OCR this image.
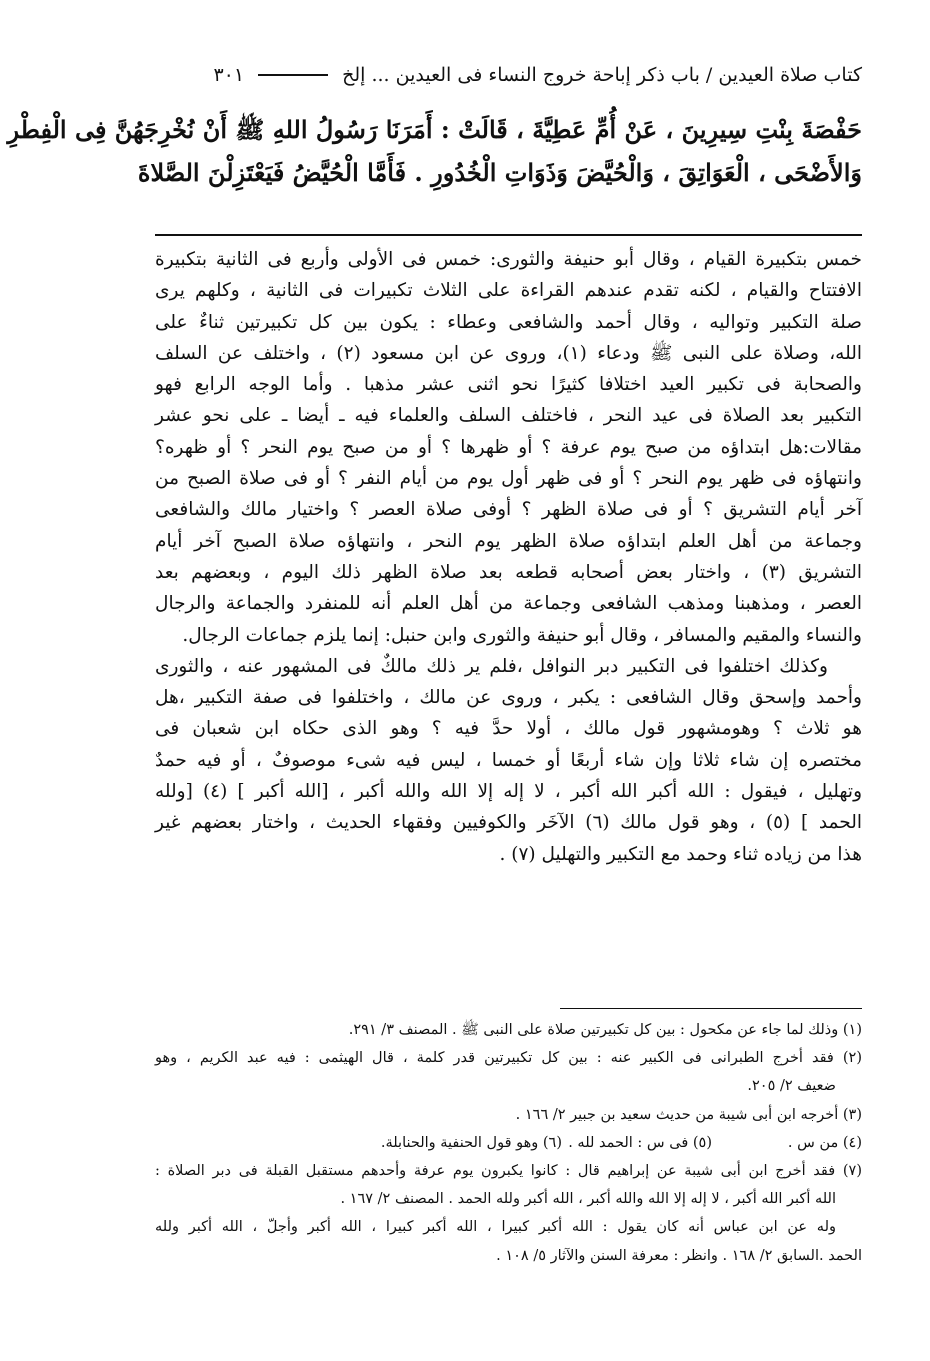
كتاب صلاة العيدين / باب ذكر إباحة خروج النساء فى العيدين ... إلخ
٣٠١
حَفْصَةَ بِنْتِ سِيرِينَ ، عَنْ أُمِّ عَطِيَّةَ ، قَالَتْ : أَمَرَنَا رَسُولُ اللهِ ﷺ أَنْ نُخْرِجَهُنَّ فِى الْفِطْرِ
وَالأَضْحَى ، الْعَوَاتِقَ ، وَالْحُيَّضَ وَذَوَاتِ الْخُدُورِ . فَأَمَّا الْحُيَّضُ فَيَعْتَزِلْنَ الصَّلاةَ
خمس بتكبيرة القيام ، وقال أبو حنيفة والثورى: خمس فى الأولى وأربع فى الثانية بتكبيرة
الافتتاح والقيام ، لكنه تقدم عندهم القراءة على الثلاث تكبيرات فى الثانية ، وكلهم يرى
صلة التكبير وتواليه ، وقال أحمد والشافعى وعطاء : يكون بين كل تكبيرتين ثناءٌ على
الله، وصلاة على النبى ﷺ ودعاء (١)، وروى عن ابن مسعود (٢) ، واختلف عن السلف
والصحابة فى تكبير العيد اختلافا كثيرًا نحو اثنى عشر مذهبا . وأما الوجه الرابع فهو
التكبير بعد الصلاة فى عيد النحر ، فاختلف السلف والعلماء فيه ـ أيضا ـ على نحو عشر
مقالات:هل ابتداؤه من صبح يوم عرفة ؟ أو ظهرها ؟ أو من صبح يوم النحر ؟ أو ظهره؟
وانتهاؤه فى ظهر يوم النحر ؟ أو فى ظهر أول يوم من أيام النفر ؟ أو فى صلاة الصبح من
آخر أيام التشريق ؟ أو فى صلاة الظهر ؟ أوفى صلاة العصر ؟ واختيار مالك والشافعى
وجماعة من أهل العلم ابتداؤه صلاة الظهر يوم النحر ، وانتهاؤه صلاة الصبح آخر أيام
التشريق (٣) ، واختار بعض أصحابه قطعه بعد صلاة الظهر ذلك اليوم ، وبعضهم بعد
العصر ، ومذهبنا ومذهب الشافعى وجماعة من أهل العلم أنه للمنفرد والجماعة والرجال
والنساء والمقيم والمسافر ، وقال أبو حنيفة والثورى وابن حنبل: إنما يلزم جماعات الرجال.
وكذلك اختلفوا فى التكبير دبر النوافل ،فلم ير ذلك مالكٌ فى المشهور عنه ، والثورى
وأحمد وإسحق وقال الشافعى : يكبر ، وروى عن مالك ، واختلفوا فى صفة التكبير ،هل
هو ثلاث ؟ وهومشهور قول مالك ، أولا حدَّ فيه ؟ وهو الذى حكاه ابن شعبان فى
مختصره إن شاء ثلاثا وإن شاء أربعًا أو خمسا ، ليس فيه شىء موصوفٌ ، أو فيه حمدٌ
وتهليل ، فيقول : الله أكبر الله أكبر ، لا إله إلا الله والله أكبر ، [الله أكبر ] (٤) [ولله
الحمد ] (٥) ، وهو قول مالك (٦) الآخَر والكوفيين وفقهاء الحديث ، واختار بعضهم غير
هذا من زياده ثناء وحمد مع التكبير والتهليل (٧) .
(١) وذلك لما جاء عن مكحول : بين كل تكبيرتين صلاة على النبى ﷺ . المصنف ٣/ ٢٩١.
(٢) فقد أخرج الطبرانى فى الكبير عنه : بين كل تكبيرتين قدر كلمة ، قال الهيثمى : فيه عبد الكريم ، وهو
ضعيف ٢/ ٢٠٥.
(٣) أخرجه ابن أبى شيبة من حديث سعيد بن جبير ٢/ ١٦٦ .
(٤) من س .
(٥) فى س : الحمد لله .
(٦) وهو قول الحنفية والحنابلة.
(٧) فقد أخرج ابن أبى شيبة عن إبراهيم قال : كانوا يكبرون يوم عرفة وأحدهم مستقبل القبلة فى دبر الصلاة :
الله أكبر الله أكبر ، لا إله إلا الله والله أكبر ، الله أكبر ولله الحمد . المصنف ٢/ ١٦٧ .
وله عن ابن عباس أنه كان يقول : الله أكبر كبيرا ، الله أكبر كبيرا ، الله أكبر وأجلّ ، الله أكبر ولله
الحمد .السابق ٢/ ١٦٨ . وانظر : معرفة السنن والآثار ٥/ ١٠٨ .
